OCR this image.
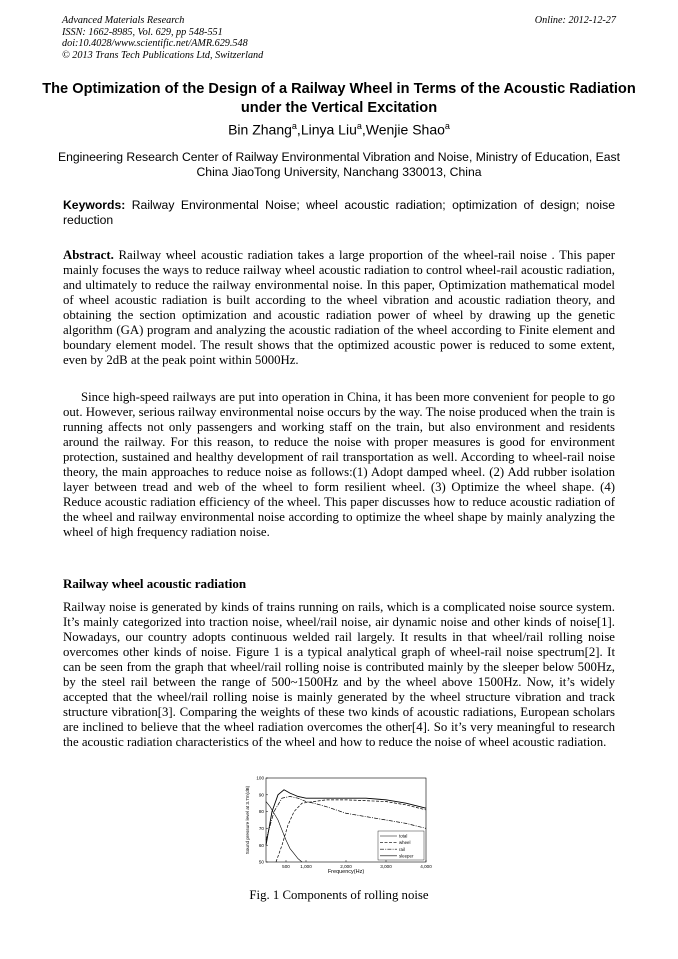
Advanced Materials Research
ISSN: 1662-8985, Vol. 629, pp 548-551
doi:10.4028/www.scientific.net/AMR.629.548
© 2013 Trans Tech Publications Ltd, Switzerland
Online: 2012-12-27
The Optimization of the Design of a Railway Wheel in Terms of the Acoustic Radiation under the Vertical Excitation
Bin Zhang$^a$,Linya Liu$^a$,Wenjie Shao$^a$
Engineering Research Center of Railway Environmental Vibration and Noise, Ministry of Education, East China JiaoTong University, Nanchang 330013, China
Keywords: Railway Environmental Noise; wheel acoustic radiation; optimization of design; noise reduction

Abstract. Railway wheel acoustic radiation takes a large proportion of the wheel-rail noise . This paper mainly focuses the ways to reduce railway wheel acoustic radiation to control wheel-rail acoustic radiation, and ultimately to reduce the railway environmental noise. In this paper, Optimization mathematical model of wheel acoustic radiation is built according to the wheel vibration and acoustic radiation theory, and obtaining the section optimization and acoustic radiation power of wheel by drawing up the genetic algorithm (GA) program and analyzing the acoustic radiation of the wheel according to Finite element and boundary element model. The result shows that the optimized acoustic power is reduced to some extent, even by 2dB at the peak point within 5000Hz.

Since high-speed railways are put into operation in China, it has been more convenient for people to go out. However, serious railway environmental noise occurs by the way. The noise produced when the train is running affects not only passengers and working staff on the train, but also environment and residents around the railway. For this reason, to reduce the noise with proper measures is good for environment protection, sustained and healthy development of rail transportation as well. According to wheel-rail noise theory, the main approaches to reduce noise as follows:(1) Adopt damped wheel. (2) Add rubber isolation layer between tread and web of the wheel to form resilient wheel. (3) Optimize the wheel shape. (4) Reduce acoustic radiation efficiency of the wheel. This paper discusses how to reduce acoustic radiation of the wheel and railway environmental noise according to optimize the wheel shape by mainly analyzing the wheel of high frequency radiation noise.

Railway wheel acoustic radiation

Railway noise is generated by kinds of trains running on rails, which is a complicated noise source system. It’s mainly categorized into traction noise, wheel/rail noise, air dynamic noise and other kinds of noise[1]. Nowadays, our country adopts continuous welded rail largely. It results in that wheel/rail rolling noise overcomes other kinds of noise. Figure 1 is a typical analytical graph of wheel-rail noise spectrum[2]. It can be seen from the graph that wheel/rail rolling noise is contributed mainly by the sleeper below 500Hz, by the steel rail between the range of 500~1500Hz and by the wheel above 1500Hz. Now, it’s widely accepted that the wheel/rail rolling noise is mainly generated by the wheel structure vibration and track structure vibration[3]. Comparing the weights of these two kinds of acoustic radiations, European scholars are inclined to believe that the wheel radiation overcomes the other[4]. So it’s very meaningful to research the acoustic radiation characteristics of the wheel and how to reduce the noise of wheel acoustic radiation.

50
60
70
80
90
100
500 1,000	2,000	3,000	4,000
total
wheel
rail
sleeper
Frequency(Hz)
Sound pressure level at 3.7m(dB)
Fig. 1 Components of rolling noise
